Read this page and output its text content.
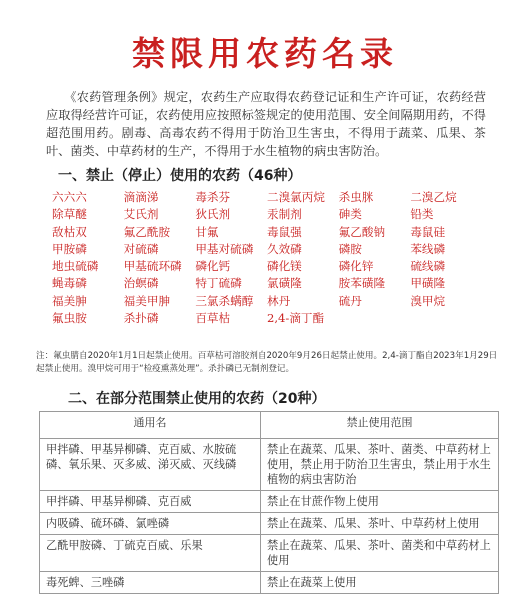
禁限用农药名录
《农药管理条例》规定，农药生产应取得农药登记证和生产许可证，农药经营应取得经营许可证，农药使用应按照标签规定的使用范围、安全间隔期用药，不得超范围用药。剧毒、高毒农药不得用于防治卫生害虫，不得用于蔬菜、瓜果、茶叶、菌类、中草药材的生产，不得用于水生植物的病虫害防治。
一、禁止（停止）使用的农药（46种）
六六六	滴滴涕	毒杀芬	二溴氯丙烷	杀虫脒	二溴乙烷
除草醚	艾氏剂	狄氏剂	汞制剂	砷类	铅类
敌枯双	氟乙酰胺	甘氟	毒鼠强	氟乙酸钠	毒鼠硅
甲胺磷	对硫磷	甲基对硫磷	久效磷	磷胺	苯线磷
地虫硫磷	甲基硫环磷	磷化钙	磷化镁	磷化锌	硫线磷
蝇毒磷	治螟磷	特丁硫磷	氯磺隆	胺苯磺隆	甲磺隆
福美胂	福美甲胂	三氯杀螨醇	林丹	硫丹	溴甲烷
氟虫胺	杀扑磷	百草枯	2,4-滴丁酯
注：氟虫腈自2020年1月1日起禁止使用。百草枯可溶胶剂自2020年9月26日起禁止使用。2,4-滴丁酯自2023年1月29日起禁止使用。溴甲烷可用于“检疫熏蒸处理”。杀扑磷已无制剂登记。
二、在部分范围禁止使用的农药（20种）
通用名	禁止使用范围
甲拌磷、甲基异柳磷、克百威、水胺硫磷、氧乐果、灭多威、涕灭威、灭线磷	禁止在蔬菜、瓜果、茶叶、菌类、中草药材上使用，禁止用于防治卫生害虫，禁止用于水生植物的病虫害防治
甲拌磷、甲基异柳磷、克百威	禁止在甘蔗作物上使用
内吸磷、硫环磷、氯唑磷	禁止在蔬菜、瓜果、茶叶、中草药材上使用
乙酰甲胺磷、丁硫克百威、乐果	禁止在蔬菜、瓜果、茶叶、菌类和中草药材上使用
毒死蜱、三唑磷	禁止在蔬菜上使用
